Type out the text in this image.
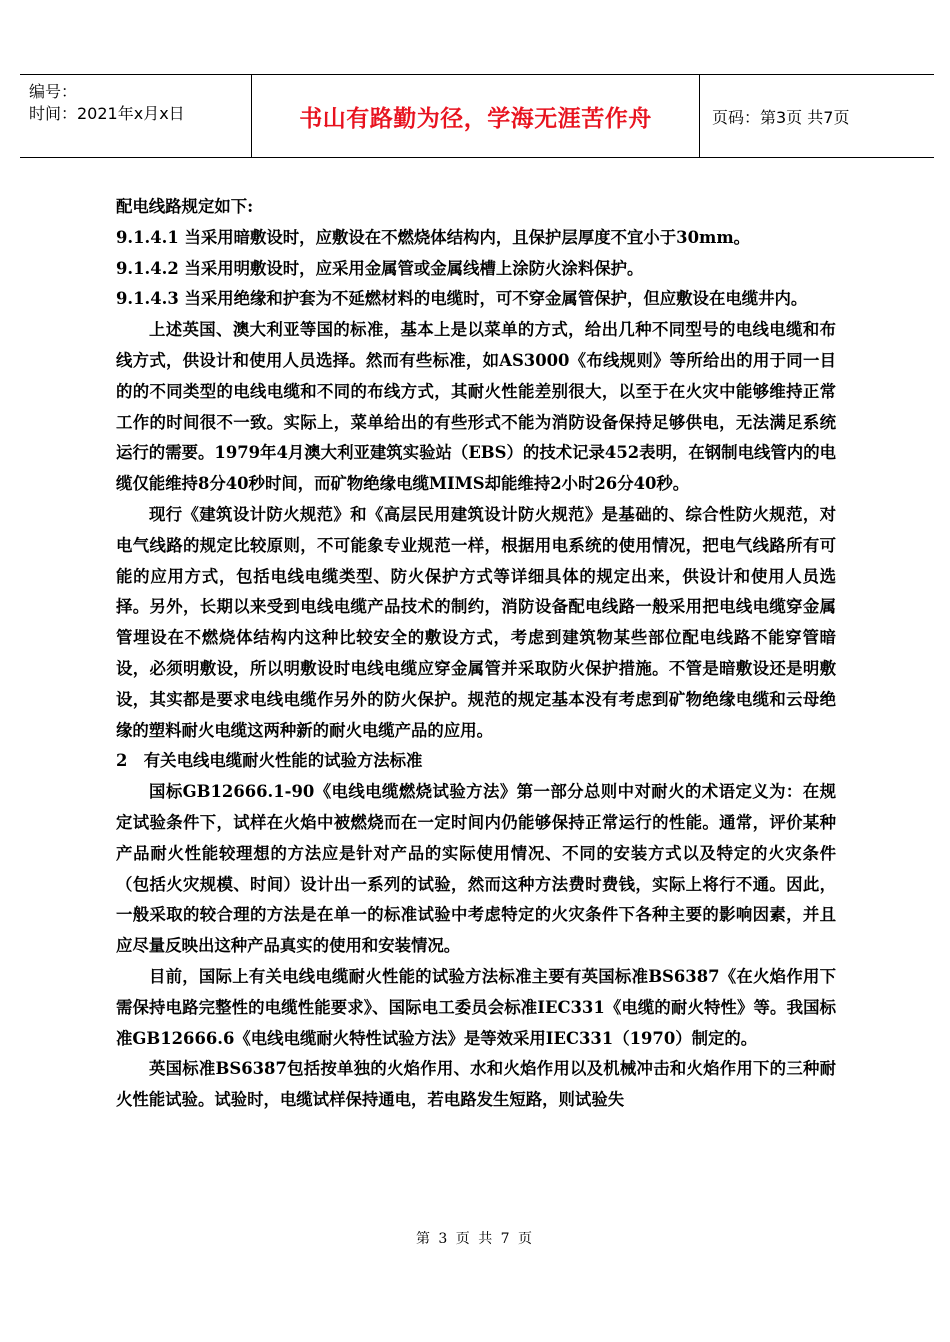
编号：
时间：2021年x月x日	书山有路勤为径，学海无涯苦作舟	页码：第3页 共7页

配电线路规定如下:

9.1.4.1 当采用暗敷设时，应敷设在不燃烧体结构内，且保护层厚度不宜小于30mm。

9.1.4.2 当采用明敷设时，应采用金属管或金属线槽上涂防火涂料保护。

9.1.4.3 当采用绝缘和护套为不延燃材料的电缆时，可不穿金属管保护，但应敷设在电缆井内。

上述英国、澳大利亚等国的标准，基本上是以菜单的方式，给出几种不同型号的电线电缆和布线方式，供设计和使用人员选择。然而有些标准，如AS3000《布线规则》等所给出的用于同一目的的不同类型的电线电缆和不同的布线方式，其耐火性能差别很大，以至于在火灾中能够维持正常工作的时间很不一致。实际上，菜单给出的有些形式不能为消防设备保持足够供电，无法满足系统运行的需要。1979年4月澳大利亚建筑实验站（EBS）的技术记录452表明，在钢制电线管内的电缆仅能维持8分40秒时间，而矿物绝缘电缆MIMS却能维持2小时26分40秒。

现行《建筑设计防火规范》和《高层民用建筑设计防火规范》是基础的、综合性防火规范，对电气线路的规定比较原则，不可能象专业规范一样，根据用电系统的使用情况，把电气线路所有可能的应用方式，包括电线电缆类型、防火保护方式等详细具体的规定出来，供设计和使用人员选择。另外，长期以来受到电线电缆产品技术的制约，消防设备配电线路一般采用把电线电缆穿金属管埋设在不燃烧体结构内这种比较安全的敷设方式，考虑到建筑物某些部位配电线路不能穿管暗设，必须明敷设，所以明敷设时电线电缆应穿金属管并采取防火保护措施。不管是暗敷设还是明敷设，其实都是要求电线电缆作另外的防火保护。规范的规定基本没有考虑到矿物绝缘电缆和云母绝缘的塑料耐火电缆这两种新的耐火电缆产品的应用。

2　有关电线电缆耐火性能的试验方法标准

国标GB12666.1-90《电线电缆燃烧试验方法》第一部分总则中对耐火的术语定义为：在规定试验条件下，试样在火焰中被燃烧而在一定时间内仍能够保持正常运行的性能。通常，评价某种产品耐火性能较理想的方法应是针对产品的实际使用情况、不同的安装方式以及特定的火灾条件（包括火灾规模、时间）设计出一系列的试验，然而这种方法费时费钱，实际上将行不通。因此，一般采取的较合理的方法是在单一的标准试验中考虑特定的火灾条件下各种主要的影响因素，并且应尽量反映出这种产品真实的使用和安装情况。

目前，国际上有关电线电缆耐火性能的试验方法标准主要有英国标准BS6387《在火焰作用下需保持电路完整性的电缆性能要求》、国际电工委员会标准IEC331《电缆的耐火特性》等。我国标准GB12666.6《电线电缆耐火特性试验方法》是等效采用IEC331（1970）制定的。

英国标准BS6387包括按单独的火焰作用、水和火焰作用以及机械冲击和火焰作用下的三种耐火性能试验。试验时，电缆试样保持通电，若电路发生短路，则试验失

第 3 页 共 7 页
